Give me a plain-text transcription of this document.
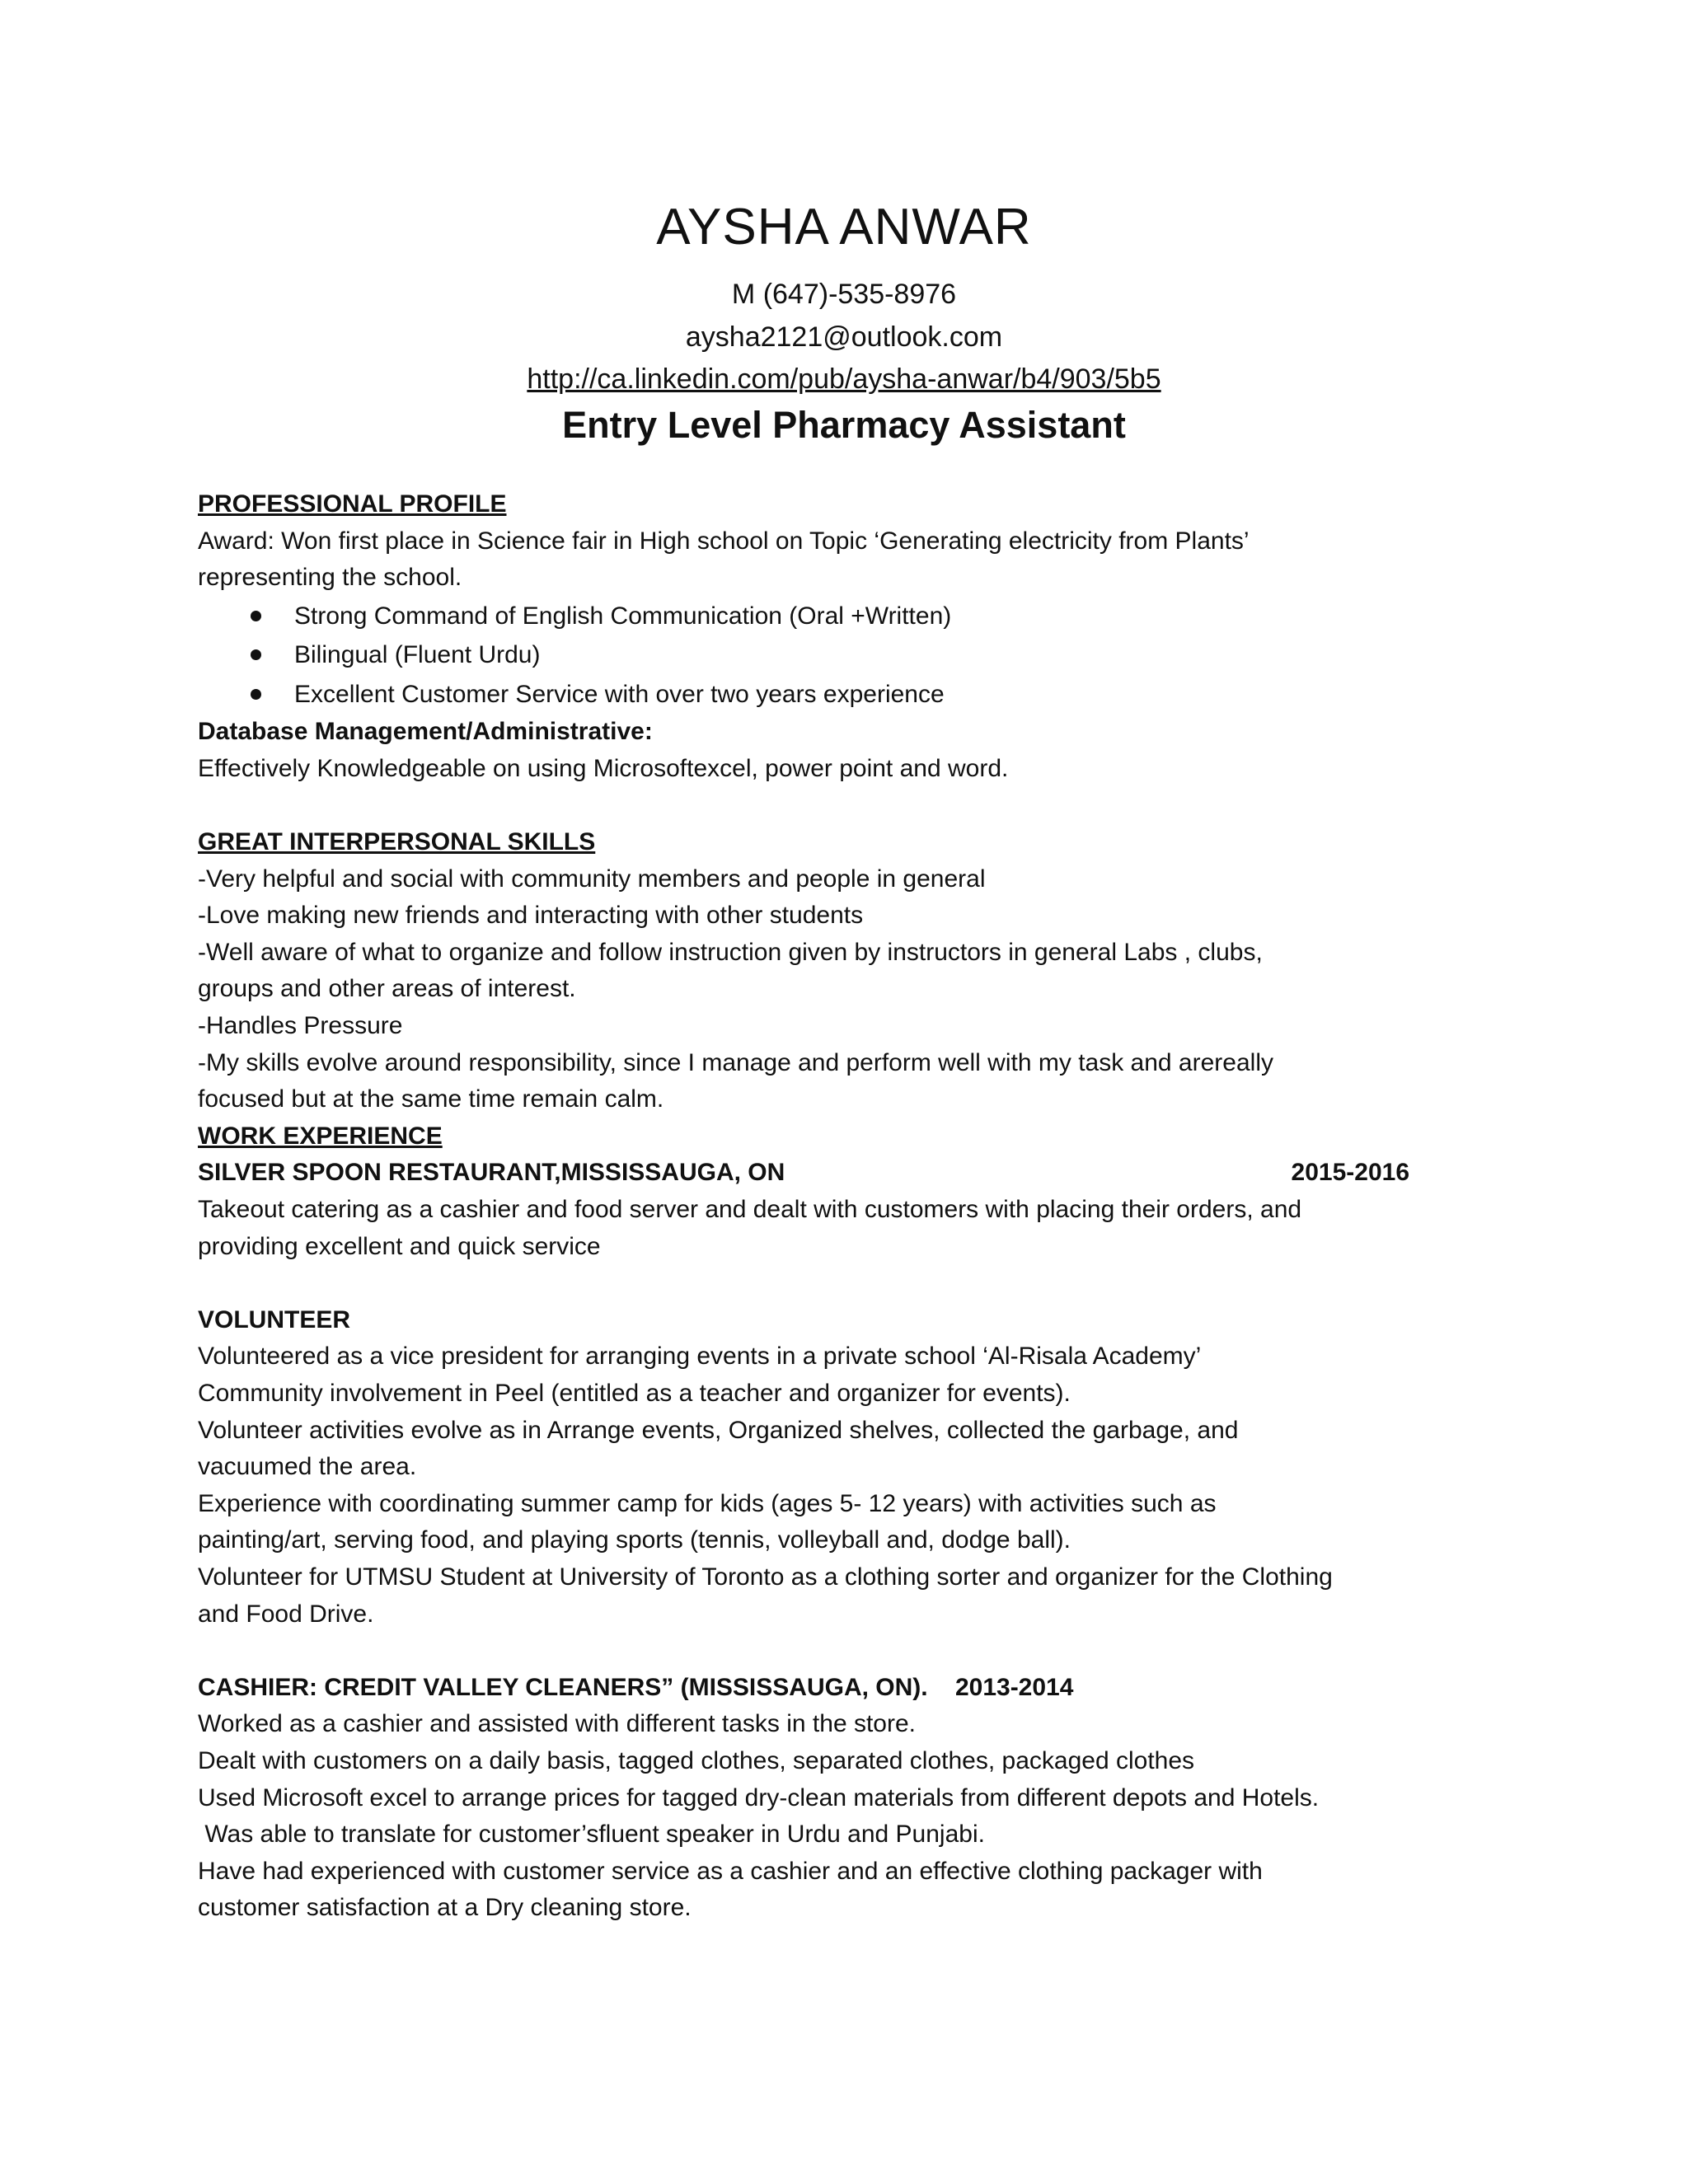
AYSHA ANWAR
M (647)-535-8976
aysha2121@outlook.com
http://ca.linkedin.com/pub/aysha-anwar/b4/903/5b5
Entry Level Pharmacy Assistant

PROFESSIONAL PROFILE

Award: Won first place in Science fair in High school on Topic ‘Generating electricity from Plants’

representing the school.

Strong Command of English Communication (Oral +Written)
Bilingual (Fluent Urdu)
Excellent Customer Service with over two years experience

Database Management/Administrative:

Effectively Knowledgeable on using Microsoftexcel, power point and word.

GREAT INTERPERSONAL SKILLS

-Very helpful and social with community members and people in general

-Love making new friends and interacting with other students

-Well aware of what to organize and follow instruction given by instructors in general Labs , clubs,

groups and other areas of interest.

-Handles Pressure

-My skills evolve around responsibility, since I manage and perform well with my task and arereally

focused but at the same time remain calm.

WORK EXPERIENCE

SILVER SPOON RESTAURANT,MISSISSAUGA, ON	2015-2016

Takeout catering as a cashier and food server and dealt with customers with placing their orders, and

providing excellent and quick service

VOLUNTEER

Volunteered as a vice president for arranging events in a private school ‘Al-Risala Academy’

Community involvement in Peel (entitled as a teacher and organizer for events).

Volunteer activities evolve as in Arrange events, Organized shelves, collected the garbage, and

vacuumed the area.

Experience with coordinating summer camp for kids (ages 5- 12 years) with activities such as

painting/art, serving food, and playing sports (tennis, volleyball and, dodge ball).

Volunteer for UTMSU Student at University of Toronto as a clothing sorter and organizer for the Clothing

and Food Drive.

CASHIER: CREDIT VALLEY CLEANERS” (MISSISSAUGA, ON).    2013-2014

Worked as a cashier and assisted with different tasks in the store.

Dealt with customers on a daily basis, tagged clothes, separated clothes, packaged clothes

Used Microsoft excel to arrange prices for tagged dry-clean materials from different depots and Hotels.

Was able to translate for customer’sfluent speaker in Urdu and Punjabi.

Have had experienced with customer service as a cashier and an effective clothing packager with

customer satisfaction at a Dry cleaning store.
